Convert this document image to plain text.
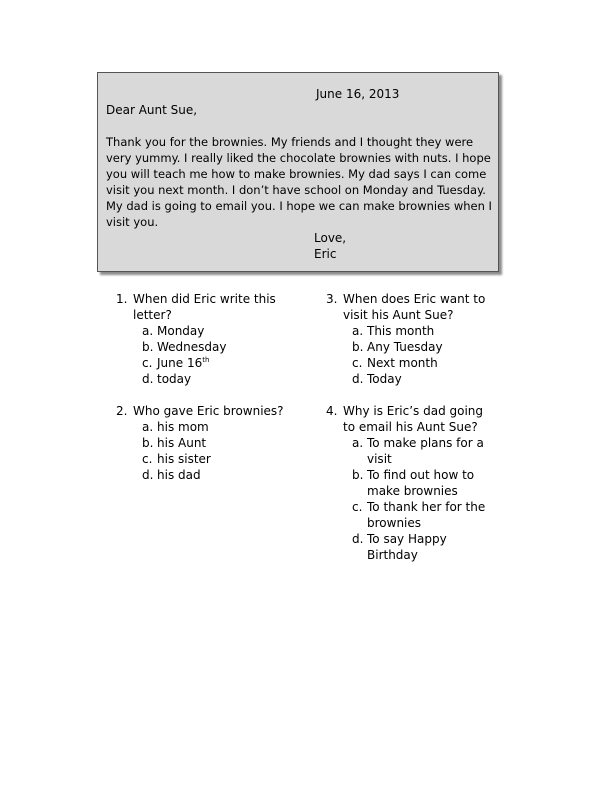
June 16, 2013
Dear Aunt Sue,
Thank you for the brownies. My friends and I thought they were very yummy. I really liked the chocolate brownies with nuts. I hope you will teach me how to make brownies. My dad says I can come visit you next month. I don’t have school on Monday and Tuesday. My dad is going to email you. I hope we can make brownies when I visit you.
Love,
Eric
1. When did Eric write this letter?
a. Monday
b. Wednesday
c. June 16th
d. today
2. Who gave Eric brownies?
a. his mom
b. his Aunt
c. his sister
d. his dad
3. When does Eric want to visit his Aunt Sue?
a. This month
b. Any Tuesday
c. Next month
d. Today
4. Why is Eric’s dad going to email his Aunt Sue?
a. To make plans for a visit
b. To find out how to make brownies
c. To thank her for the brownies
d. To say Happy Birthday
